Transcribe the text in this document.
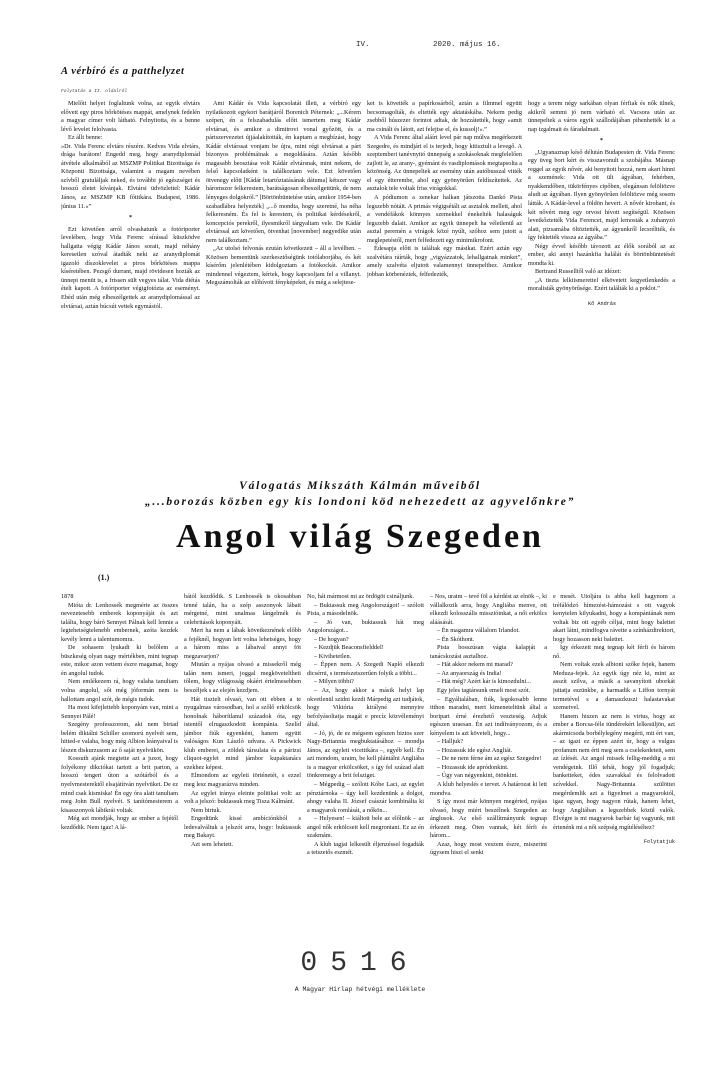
IV.	2020. május 16.
A vérbíró és a patthelyzet
Folytatás a II. oldalról

Mielőtt helyet foglaltunk volna, az egyik elvtárs elővett egy piros bőrkötéses mappát, amelynek fedelén a magyar címer volt látható. Felnyitotta, és a benne lévő levelet felolvasta.

Ez állt benne:

»Dr. Vida Ferenc elvtárs részére. Kedves Vida elvtárs, drága barátom! Engedd meg, hogy aranydiplomád átvétele alkalmából az MSZMP Politikai Bizottsága és Központi Bizottsága, valamint a magam nevében szívből gratuláljak neked, és további jó egészséget és hosszú életet kívánjak. Elvtársi üdvözlettel: Kádár János, az MSZMP KB főtitkára. Budapest, 1986. június 11.«”

*

Ezt követően arról olvashatunk a fotóriporter levelében, hogy Vida Ferenc sírással küszködve hallgatta végig Kádár János sorait, majd néhány keresetlen szóval átadták neki az aranydiplomát igazoló díszoklevelet a piros bőrkötéses mappa kíséretében. Pezsgő durrant, majd rövidesen hozták az ünnepi menüt is, a frissen sült vegyes tálat. Vida diétás ételt kapott. A fotóriporter végigfotózta az eseményt. Ebéd után még elbeszélgettek az aranydiplomással az elvtársai, aztán búcsút vettek egymástól.

Ami Kádár és Vida kapcsolatát illeti, a vérbíró egy nyilatkozott egykori barátjáról Borenich Péternek: „...Kérem szépen, én a felszabadulás előtt ismertem meg Kádár elvtársat, és amikor a dimitrovi vonal győzött, és a pártszervezetet újjáalakították, én kaptam a megbízást, hogy Kádár elvtárssat vonjam be újra, mint régi elvtársat a párt bizonyos problémáinak a megoldására. Aztán később magasabb beosztása volt Kádár elvtársnak, mint nekem, de felső kapcsolatként is találkoztam vele. Ezt követően ötvenegy előtt [Kádár letartóztatásának dátuma] kétszer vagy háromszor felkerestem, barátságosan elbeszélgettünk, de nem lényeges dolgokról.” [Börtönbüntetése után, amikor 1954-ben szabadlábra helyezték] „...ő mondta, hogy szeretné, ha néha felkeresném. És fel is kerestem, és politikai kérdésekről, koncepciós perekről, ilyesmikről tárgyaltam vele. De Kádár elvtárssal azt követően, ötvenhat [november] negyedike után nem találkoztam.”

„Az utolsó felvonás ezután következett – áll a levélben. – Közösen bementünk szerkesztőségünk totólaborjába, és két kísérőm jelenlétében kidolgoztam a fotókockát. Amikor mindennel végeztem, kértek, hogy kapcsoljam fel a villanyt. Megszámolták az előhívott fényképeket, és még a selejtese-

ket is követték a papírkosárból, aztán a filmmel együtt becsomagolták, és eltették egy aktatáskába. Nekem pedig zsebből húszezer forintot adtak, de hozzátették, hogy »amit ma csinált és látott, azt felejtse el, és kussolj!«.”

A Vida Ferenc által aláírt level pár nap múlva megérkezett Szegedre, és mindjárt el is terjedt, hogy kitisztult a levegő. A szeptemberi tanévnyitó ünnepség a szokásoknak megfelelően zajlott le, az arany-, gyémánt és vasdiplomások megtapsolta a közönség. Az ünnepeltek az esemény után autóbusszal vitték el egy étterembe, ahol egy gyönyörűen feldíszítettek. Az asztalok tele voltak friss virágokkal.

A pódiumon a zenekar halkan játszotta Dankó Pista legszebb nótáit. A primás végigsétált az asztalok mellett, ahol a vendéfákok könnyes szemekkel énekelték halaságuk legszebb dalait. Amikor az egyik ünnepelt ha véletlenül az asztal peremén a virágok közé nyúlt, szóhoz sem jutott a meglepetéstől, mert felfedezett egy minimikrofont.

Édesapja előtt is találtak egy másikat. Ezért aztán egy szalvétára ráírták, hogy „vigyázzatok, lehallgatnak minket”, amely szalvéta eljutott valamennyi ünnepelthez. Amikor jobban körbenéztek, felfedezték,

hogy a terem négy sarkában olyan férfiak és nők ülnek, akikről semmi jó nem várható el. Vacsora után az ünnepeltek a város egyik szállodájában pihenhették ki a nap izgalmait és fáradalmait.

*

„Ugyanaznap késő délután Budapesten dr. Vida Ferenc egy üveg bort kért és visszavonult a szobájába. Másnap reggel az egyik nővér, aki benyitott hozzá, nem akart hinni a szemének: Vida ott ült ágyában, fehérben, nyakkendőben, tükörfényes cipőben, elegánsan felöltözve aludt az ágyában. Ilyen gyönyörűen felöltözve még sosem látták. A Kádár-level a földön hevert. A nővér kirohant, és két nővért meg egy orvost hívott segítségül. Közösen levetkőztették Vida Ferencet, majd lemosták a zuhanyzó alatt, pizsamába öltöztették, az ágyunkről lecsréltték, és így fektették vissza az ágyába.”

Négy évvel később távozott az élők sorából az az ember, aki annyi hazánkfia halálát és börtönbüntetését mondta ki.

Bertrand Russelltől való az idézet:

„A tiszta lelkiismerettel elkövetett kegyetlenkedés a moralisták gyönyörűsége. Ezért találták ki a poklot.”

Kő András

Válogatás Mikszáth Kálmán műveiből
„...borozás közben egy kis londoni köd nehezedett az agyvelőnkre”
Angol világ Szegeden
(1.)

1878

Mióta dr. Lenhossék megmérte az összes nevezetesebb emberek koponyáját és azt találta, hogy báró Sennyei Pálnak kell lennie a legtehetségtelenebb embernek, azóta kezdek kevély lenni a talentumomra.

De sohasem lyukadt ki belőlem a büszkeség olyan nagy mértékben, mint tegnap este, mikor azon vettem észre magamat, hogy én angolul tudok.

Nem emlékezem rá, hogy valaha tanultam volna angolul, sőt még jóformán nem is hallottam angol szót, de mégis tudok.

Ha most kifejlettebb koponyám van, mint a Sennyei Pálé!

Szegény professzorom, aki nem birtad belém diktálni Schiller szomorú nyelvét sem, hitted-e valaha, hogy még Albion leányaival is lészen diskurzusom az ő saját nyelvükön.

Kossuth ajánk megtette azt a juxot, hogy folyékony dikciókat tartott a brit parton, a hosszú tengeri úton a szótárból és a nyelvmesterektől elsajátítván nyelvüket. De ez mind csak kismiska! Én egy óra alatt tanultam meg John Bull nyelvét. S tanítómesterem a kisasszonyok lábikrái voltak.

Még azt mondják, hogy az ember a fejétől kezdődik. Nem igaz! A lá-

bától kezdődik. S Lenhossék is okosabban tenné talán, ha a szép asszonyok lábait mérgetné, mint unalmas lángelmék és celebritások koponyáit.

Mert ha nem a lábak következnének előbb a fejéknél, hogyan lett volna lehetséges, hogy a három miss a lábaival annyi föt megzavarjon?

Miután a nyájas olvasó a missekről még talán nem ismeri, joggal megköveteltheti tőlem, hogy világosság okáért értelmesebben beszéljek s az elején kezdjem.

Hát tisztelt olvasó, van ott ebben a te nyugalmas városodban, hol a szőlő erkölcsök honolnak háborítlanul századok óta, egy istentől elrugaszkodott kompánia. Szelíd jámbor fiúk egyenként, hanem együtt valóságos Kun László udvara. A Pickwick klub emberei, a zöldek társulata és a párizsi cliquot-egylet mind jámbor kupaktanács ezekhez képest.

Elmondom az egyleti történetét, s ezzel meg lesz magyarázva minden.

Az egylet iránya eleinte politikai volt: az volt a jelszó: buktassuk meg Tisza Kálmánt.

Nem birtuk.

Engedtünk kissé ambíciónkból s ledevalváltuk a jelszót arra, hogy: buktassuk meg Bakayt.

Azt sem lehetett.

No, hát mármost mi az ördögöt csináljunk.

– Buktassuk meg Angolországot! – szólott Pista, a másodelnök.

– Jó van, buktassuk hát meg Angolországot...

– De hogyan?

– Kezdjük Beaconsfielddel!

– Kivihetetlen.

– Éppen nem. A Szegedi Napló elkezdi dicsérni, s természetszerűen folyik a többi...

– Milyen többi?

– Az, hogy akkor a másik helyi lap okvetlenül szidni kezdi Márpedig azt tudjátok, hogy Viktória királyné mennyire befolyásoltatja magát e precíz közvéleményi által.

– Jó, jó, de ez mégsem egészen biztos szer Nagy-Britannia megbuktatásához – mondja János, az egyleti vicetitkára –, egyéb kell. Én azt mondom, uraim, be kell plántálni Angliába is a magyar erkölcsöket, s így fel század alatt tönkremegy a brit felsziget.

– Mégpedig – szólott Kóbe Laci, az egylet pénztárnoka – úgy kell kezdenünk a dolgot, ahogy valaha II. József császár kombinálta ki a magyarok romlását, a nőkön...

– Helyesen! – kiáltott bele az előlnök – az angol nők erkölcseit kell megrontani. Ez az én szakmám.

A klub tagjai lelkesült éljenzéssel fogadták a tetszetős eszmét.

– Nos, uraim – tevé föl a kérdést az elnök –, ki vállalkozik arra, hogy Angliába menve, ott elkezdi kolosszális misszióinkat, a női erkölcs aláásását.

– Én magamra vállalom Irlandot.

– Én Skóthont.

Pista bosszúsan vágta kalapját a tanácskozási asztalhoz.

– Hát akkor nekem mi marad?

– Az anyaország és India!

– Hát még? Azért kár is kimozdulni...

Egy jeles tagtársunk emelt most szót.

– Egyáltalában, fiúk, legokosabb lenne itthon maradni, mert kimeneteltünk által a boripart érné érezhető veszteség. Adjuk egészen uraesan. Én azt indítványozom, és a kényelem is azt követeli, hogy...

– Halljuk?

– Hozassuk ide egész Angliát.

– De ne nem férne ám az egész Szegedre!

– Hozassuk ide apródonkint.

– Úgy van négyenkint, ötönkint.

A klub helyeslés e tervet. A határozat ki lett mondva.

S így most már könnyen megérted, nyájas olvasó, hogy miért beszélnek Szegeden az ánglusok. Az első szállítmányunk tegnap érkezett meg. Öten vannak, két férfi és három...

Azaz, hogy most veszem észre, miszerint úgysem hiszi el senki

e mesét. Utoljára is abba kell hagynom a tréfálódzó hímezést-hámozást s ott vagyok kenytelen kilyukadni, hogy a kompániának nem voltak biz ott egyéb céljai, mint hogy balettet akart látni, mindfogva rávette a színházdirektort, hogy hozasson neki balettet.

Így érkezett meg tegnap két férfi és három nő.

Nem voltak ezek albioni szőke fejek, hanem Meduza-fejek. Az egyik úgy néz ki, mint az asszít szilva, a másik a savanyított uborkát juttatja eszünkbe, a harmadik a Liffon tornyát termetével s a damaszkuszi halastavakat szemeivel.

Hanem hiszen az nem is virtus, hogy az ember a Borcsa-féle tündérekért lelkesüljön, azt akármicsoda borbélylegény megérti, mit ért van, – az igazi ez éppen azért úr, hogy a vulgus profanum nem érti meg sem a cselekedeteit, sem az ízlését. Az angol missek fellig-meddig a mi vendégeink. Illő tehát, hogy jól fogadjuk; banketteket, édes szavakkal és felolvadott szívekkel. Nagy-Britannia szülöttei megérdemlik azt a figyelmet a magyaroktól, igaz ugyan, hogy nagyon rútak, hanem lehet, hogy Angliában a legszebbek közül valók. Elvégre is mi magyarok barbár faj vagyunk, mit értenénk mi a női szépség mgítéléséhez?

Folytatjuk

0516
A Magyar Hírlap hétvégi melléklete
